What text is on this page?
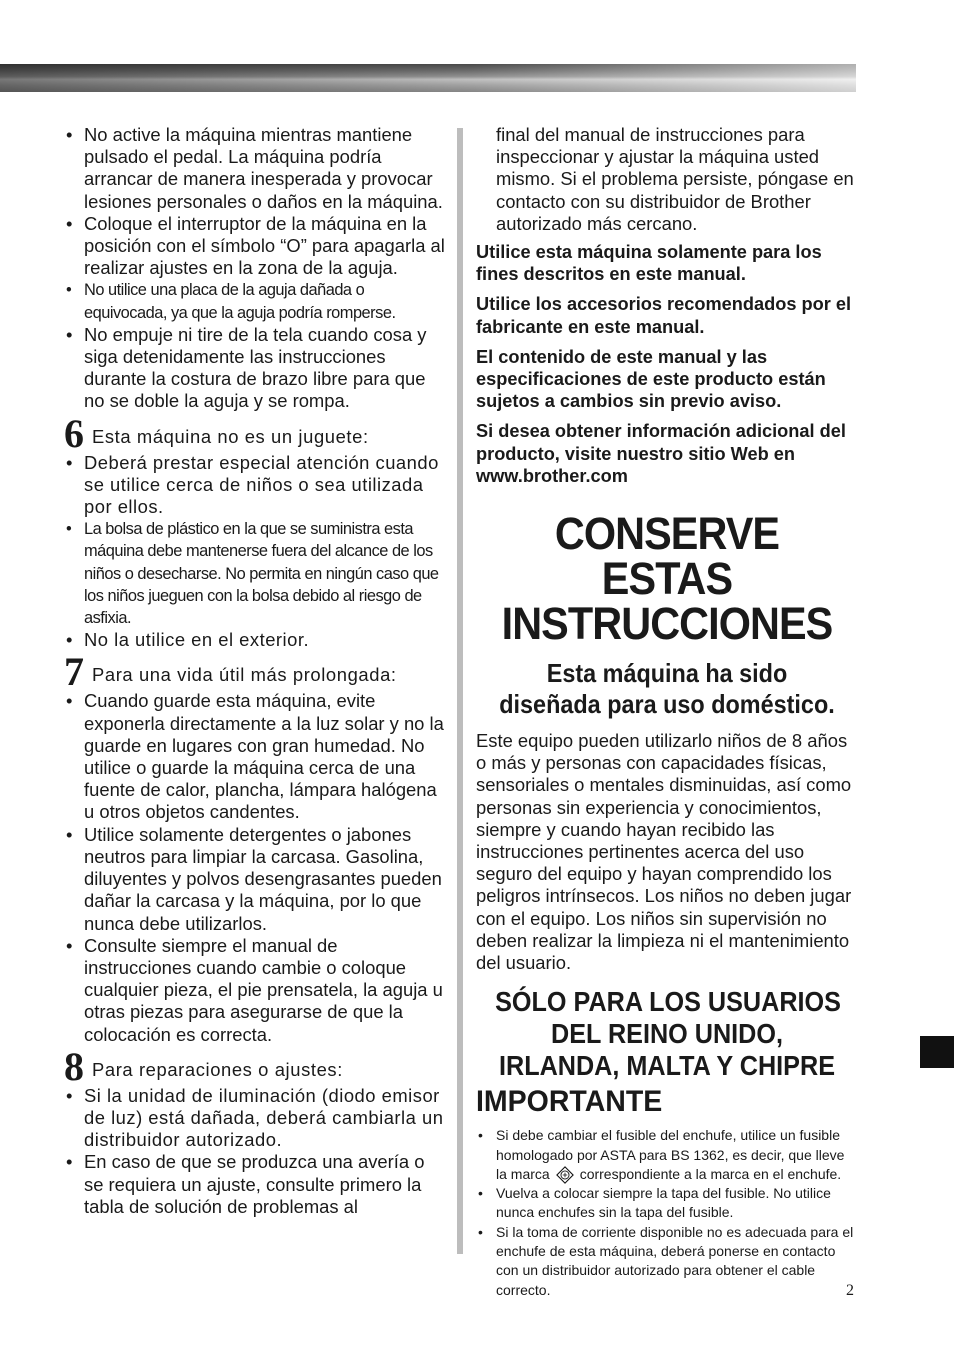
• No active la máquina mientras mantiene pulsado el pedal. La máquina podría arrancar de manera inesperada y provocar lesiones personales o daños en la máquina.
• Coloque el interruptor de la máquina en la posición con el símbolo “O” para apagarla al realizar ajustes en la zona de la aguja.
• No utilice una placa de la aguja dañada o equivocada, ya que la aguja podría romperse.
• No empuje ni tire de la tela cuando cosa y siga detenidamente las instrucciones durante la costura de brazo libre para que no se doble la aguja y se rompa.
6 Esta máquina no es un juguete:
• Deberá prestar especial atención cuando se utilice cerca de niños o sea utilizada por ellos.
• La bolsa de plástico en la que se suministra esta máquina debe mantenerse fuera del alcance de los niños o desecharse. No permita en ningún caso que los niños jueguen con la bolsa debido al riesgo de asfixia.
• No la utilice en el exterior.
7 Para una vida útil más prolongada:
• Cuando guarde esta máquina, evite exponerla directamente a la luz solar y no la guarde en lugares con gran humedad. No utilice o guarde la máquina cerca de una fuente de calor, plancha, lámpara halógena u otros objetos candentes.
• Utilice solamente detergentes o jabones neutros para limpiar la carcasa. Gasolina, diluyentes y polvos desengrasantes pueden dañar la carcasa y la máquina, por lo que nunca debe utilizarlos.
• Consulte siempre el manual de instrucciones cuando cambie o coloque cualquier pieza, el pie prensatela, la aguja u otras piezas para asegurarse de que la colocación es correcta.
8 Para reparaciones o ajustes:
• Si la unidad de iluminación (diodo emisor de luz) está dañada, deberá cambiarla un distribuidor autorizado.
• En caso de que se produzca una avería o se requiera un ajuste, consulte primero la tabla de solución de problemas al

final del manual de instrucciones para inspeccionar y ajustar la máquina usted mismo. Si el problema persiste, póngase en contacto con su distribuidor de Brother autorizado más cercano.

Utilice esta máquina solamente para los fines descritos en este manual.

Utilice los accesorios recomendados por el fabricante en este manual.

El contenido de este manual y las especificaciones de este producto están sujetos a cambios sin previo aviso.

Si desea obtener información adicional del producto, visite nuestro sitio Web en www.brother.com

CONSERVE ESTAS
INSTRUCCIONES
Esta máquina ha sido
diseñada para uso doméstico.

Este equipo pueden utilizarlo niños de 8 años o más y personas con capacidades físicas, sensoriales o mentales disminuidas, así como personas sin experiencia y conocimientos, siempre y cuando hayan recibido las instrucciones pertinentes acerca del uso seguro del equipo y hayan comprendido los peligros intrínsecos. Los niños no deben jugar con el equipo. Los niños sin supervisión no deben realizar la limpieza ni el mantenimiento del usuario.

SÓLO PARA LOS USUARIOS
DEL REINO UNIDO,
IRLANDA, MALTA Y CHIPRE
IMPORTANTE
• Si debe cambiar el fusible del enchufe, utilice un fusible homologado por ASTA para BS 1362, es decir, que lleve la marca correspondiente a la marca en el enchufe.
• Vuelva a colocar siempre la tapa del fusible. No utilice nunca enchufes sin la tapa del fusible.
• Si la toma de corriente disponible no es adecuada para el enchufe de esta máquina, deberá ponerse en contacto con un distribuidor autorizado para obtener el cable correcto.	2
